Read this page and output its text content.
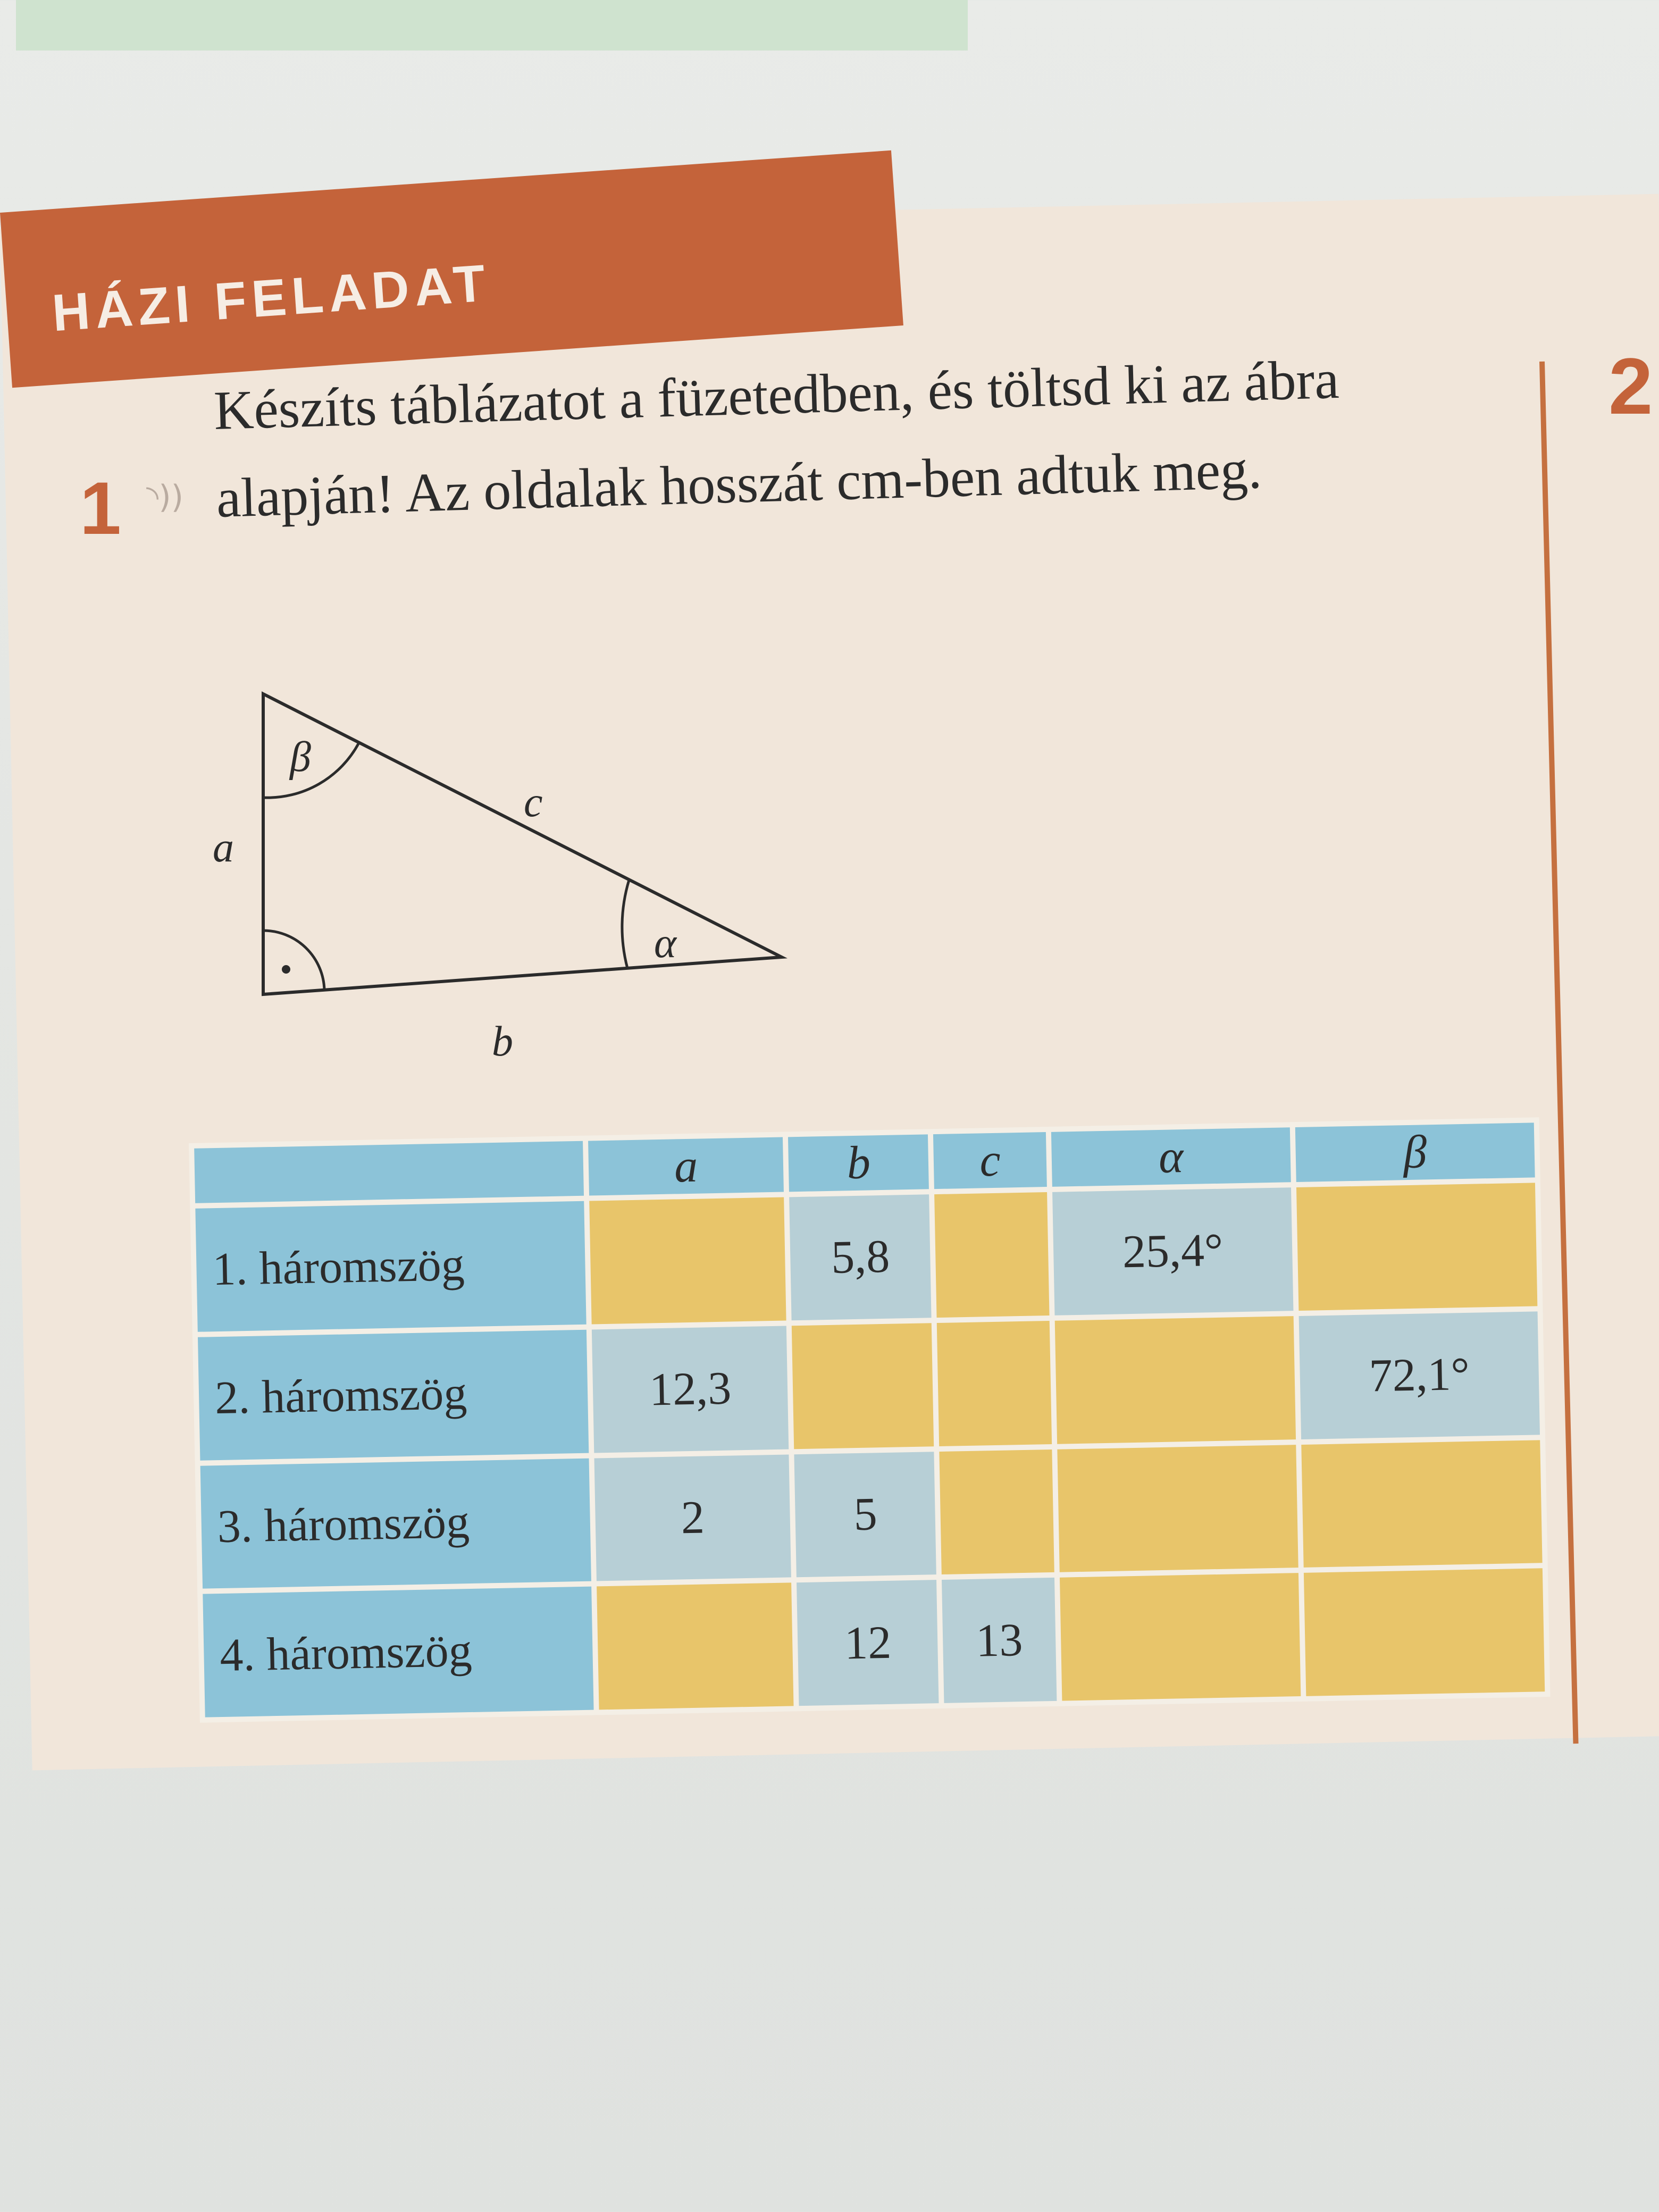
HÁZI FELADAT
2
1 ◝))
Készíts táblázatot a füzetedben, és töltsd ki az ábra alapján! Az oldalak hosszát cm-ben adtuk meg.
β
c
a
α
b
	a	b	c	α	β
1. háromszög		5,8		25,4°	
2. háromszög	12,3				72,1°
3. háromszög	2	5			
4. háromszög		12	13		
